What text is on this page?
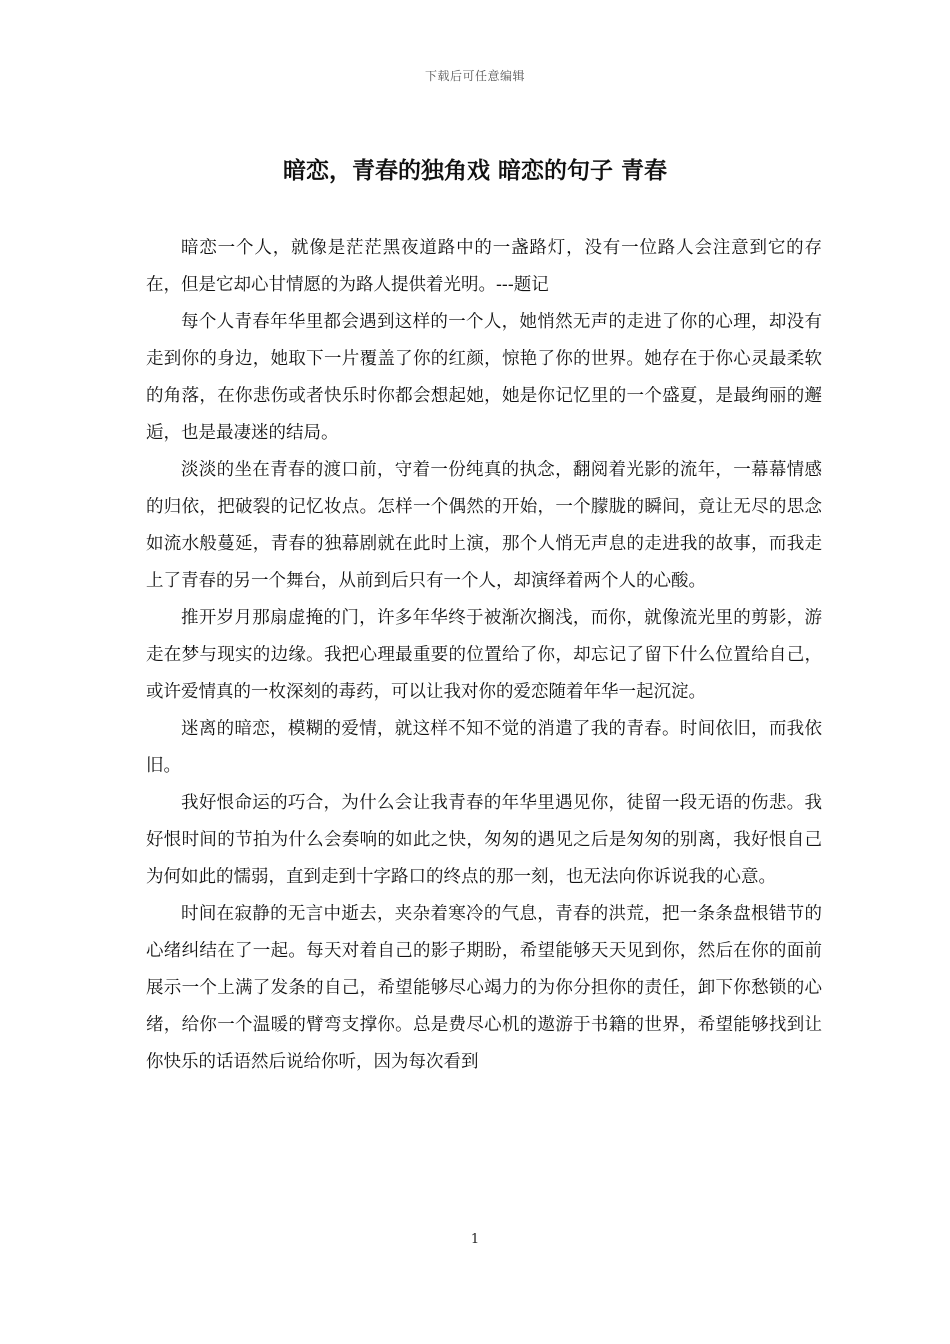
下载后可任意编辑
暗恋，青春的独角戏 暗恋的句子 青春

暗恋一个人，就像是茫茫黑夜道路中的一盏路灯，没有一位路人会注意到它的存在，但是它却心甘情愿的为路人提供着光明。---题记

每个人青春年华里都会遇到这样的一个人，她悄然无声的走进了你的心理，却没有走到你的身边，她取下一片覆盖了你的红颜，惊艳了你的世界。她存在于你心灵最柔软的角落，在你悲伤或者快乐时你都会想起她，她是你记忆里的一个盛夏，是最绚丽的邂逅，也是最凄迷的结局。

淡淡的坐在青春的渡口前，守着一份纯真的执念，翻阅着光影的流年，一幕幕情感的归依，把破裂的记忆妆点。怎样一个偶然的开始，一个朦胧的瞬间，竟让无尽的思念如流水般蔓延，青春的独幕剧就在此时上演，那个人悄无声息的走进我的故事，而我走上了青春的另一个舞台，从前到后只有一个人，却演绎着两个人的心酸。

推开岁月那扇虚掩的门，许多年华终于被渐次搁浅，而你，就像流光里的剪影，游走在梦与现实的边缘。我把心理最重要的位置给了你，却忘记了留下什么位置给自己，或许爱情真的一枚深刻的毒药，可以让我对你的爱恋随着年华一起沉淀。

迷离的暗恋，模糊的爱情，就这样不知不觉的消遣了我的青春。时间依旧，而我依旧。

我好恨命运的巧合，为什么会让我青春的年华里遇见你，徒留一段无语的伤悲。我好恨时间的节拍为什么会奏响的如此之快，匆匆的遇见之后是匆匆的别离，我好恨自己为何如此的懦弱，直到走到十字路口的终点的那一刻，也无法向你诉说我的心意。

时间在寂静的无言中逝去，夹杂着寒冷的气息，青春的洪荒，把一条条盘根错节的心绪纠结在了一起。每天对着自己的影子期盼，希望能够天天见到你，然后在你的面前展示一个上满了发条的自己，希望能够尽心竭力的为你分担你的责任，卸下你愁锁的心绪，给你一个温暖的臂弯支撑你。总是费尽心机的遨游于书籍的世界，希望能够找到让你快乐的话语然后说给你听，因为每次看到

1
